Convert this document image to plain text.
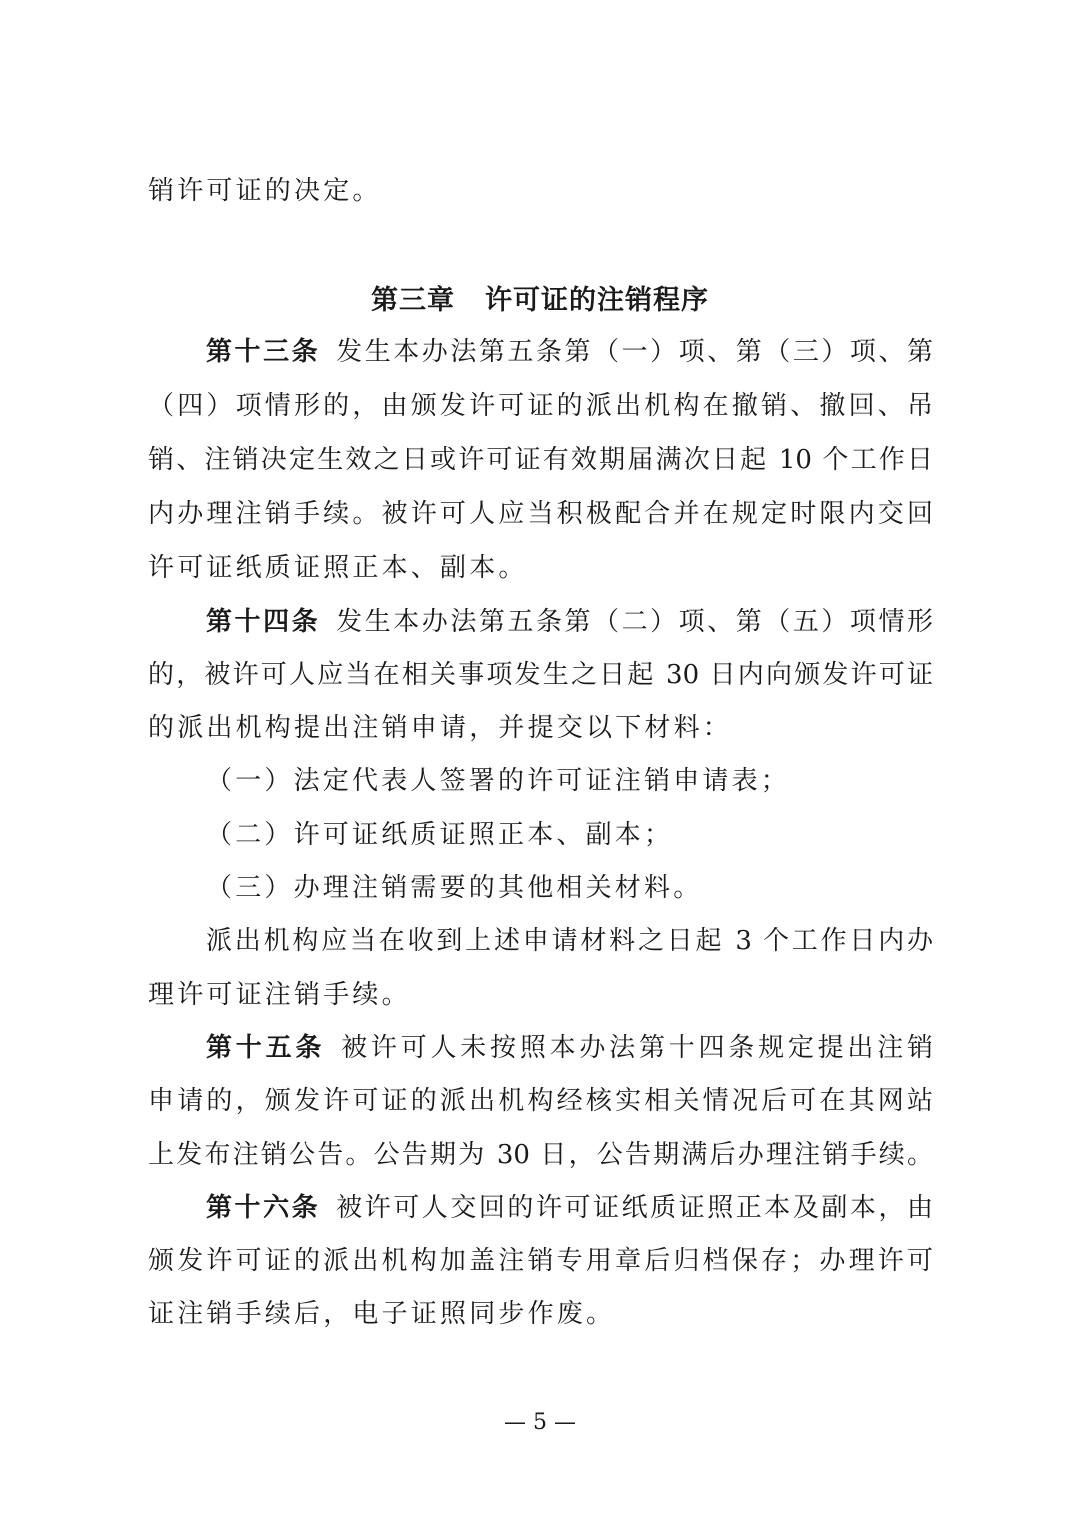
销许可证的决定。
第三章 许可证的注销程序
第十三条 发生本办法第五条第（一）项、第（三）项、第
（四）项情形的，由颁发许可证的派出机构在撤销、撤回、吊
销、注销决定生效之日或许可证有效期届满次日起 10 个工作日
内办理注销手续。被许可人应当积极配合并在规定时限内交回
许可证纸质证照正本、副本。
第十四条 发生本办法第五条第（二）项、第（五）项情形
的，被许可人应当在相关事项发生之日起 30 日内向颁发许可证
的派出机构提出注销申请，并提交以下材料：
（一）法定代表人签署的许可证注销申请表；
（二）许可证纸质证照正本、副本；
（三）办理注销需要的其他相关材料。
派出机构应当在收到上述申请材料之日起 3 个工作日内办
理许可证注销手续。
第十五条 被许可人未按照本办法第十四条规定提出注销
申请的，颁发许可证的派出机构经核实相关情况后可在其网站
上发布注销公告。公告期为 30 日，公告期满后办理注销手续。
第十六条 被许可人交回的许可证纸质证照正本及副本，由
颁发许可证的派出机构加盖注销专用章后归档保存；办理许可
证注销手续后，电子证照同步作废。
— 5 —
